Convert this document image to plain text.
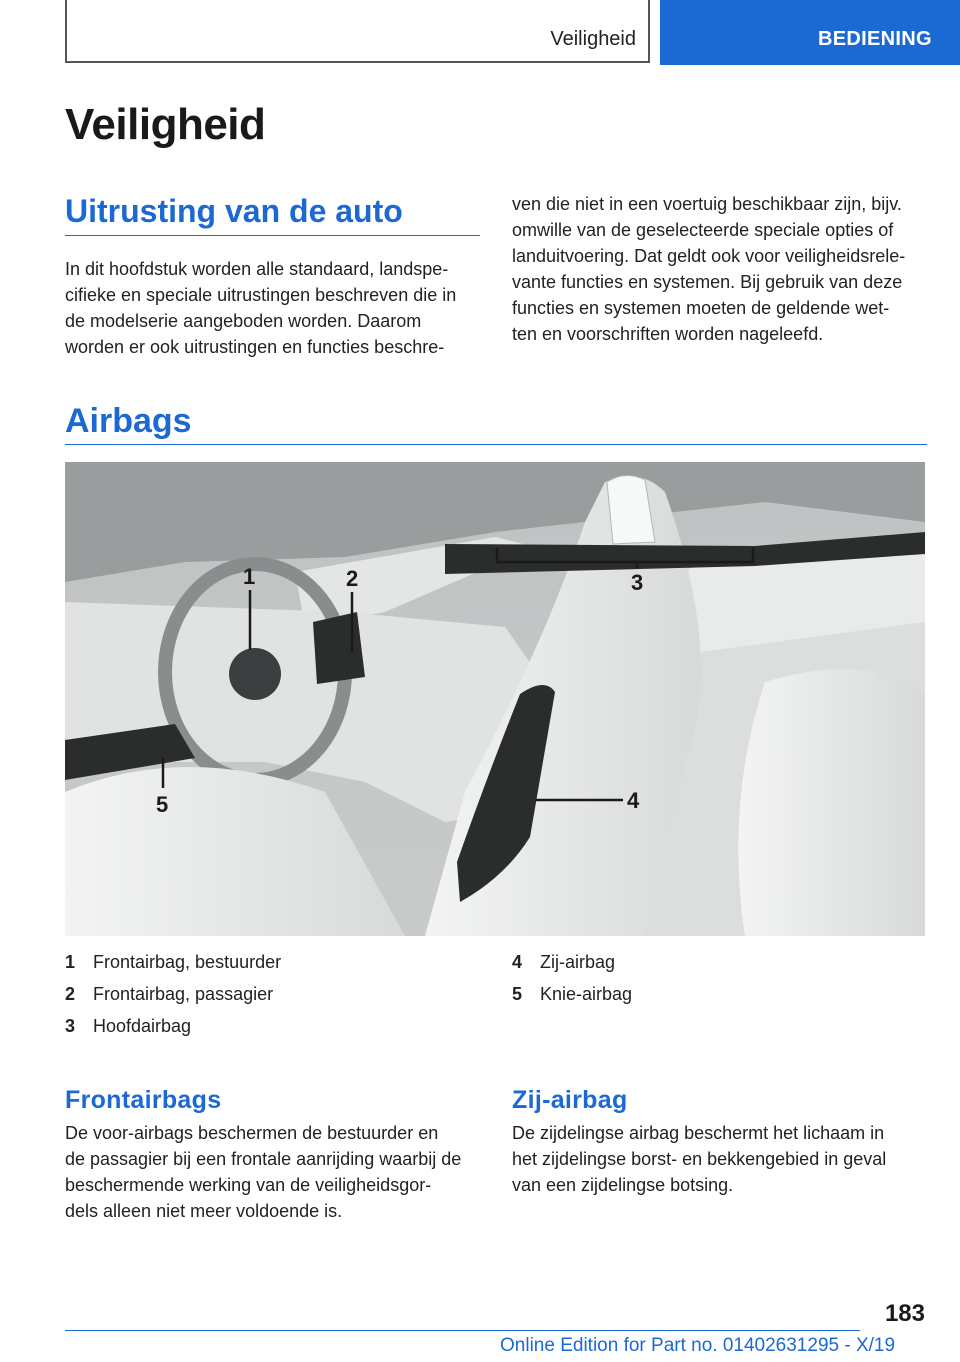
Veiligheid	BEDIENING
Veiligheid
Uitrusting van de auto

In dit hoofdstuk worden alle standaard, landspe-
cifieke en speciale uitrustingen beschreven die in
de modelserie aangeboden worden. Daarom
worden er ook uitrustingen en functies beschre-

ven die niet in een voertuig beschikbaar zijn, bijv.
omwille van de geselecteerde speciale opties of
landuitvoering. Dat geldt ook voor veiligheidsrele-
vante functies en systemen. Bij gebruik van deze
functies en systemen moeten de geldende wet-
ten en voorschriften worden nageleefd.

Airbags
1	2	3
4
5
1 Frontairbag, bestuurder
2 Frontairbag, passagier
3 Hoofdairbag
4 Zij-airbag
5 Knie-airbag
Frontairbags

De voor-airbags beschermen de bestuurder en
de passagier bij een frontale aanrijding waarbij de
beschermende werking van de veiligheidsgor-
dels alleen niet meer voldoende is.

Zij-airbag

De zijdelingse airbag beschermt het lichaam in
het zijdelingse borst- en bekkengebied in geval
van een zijdelingse botsing.

183
Online Edition for Part no. 01402631295 - X/19
